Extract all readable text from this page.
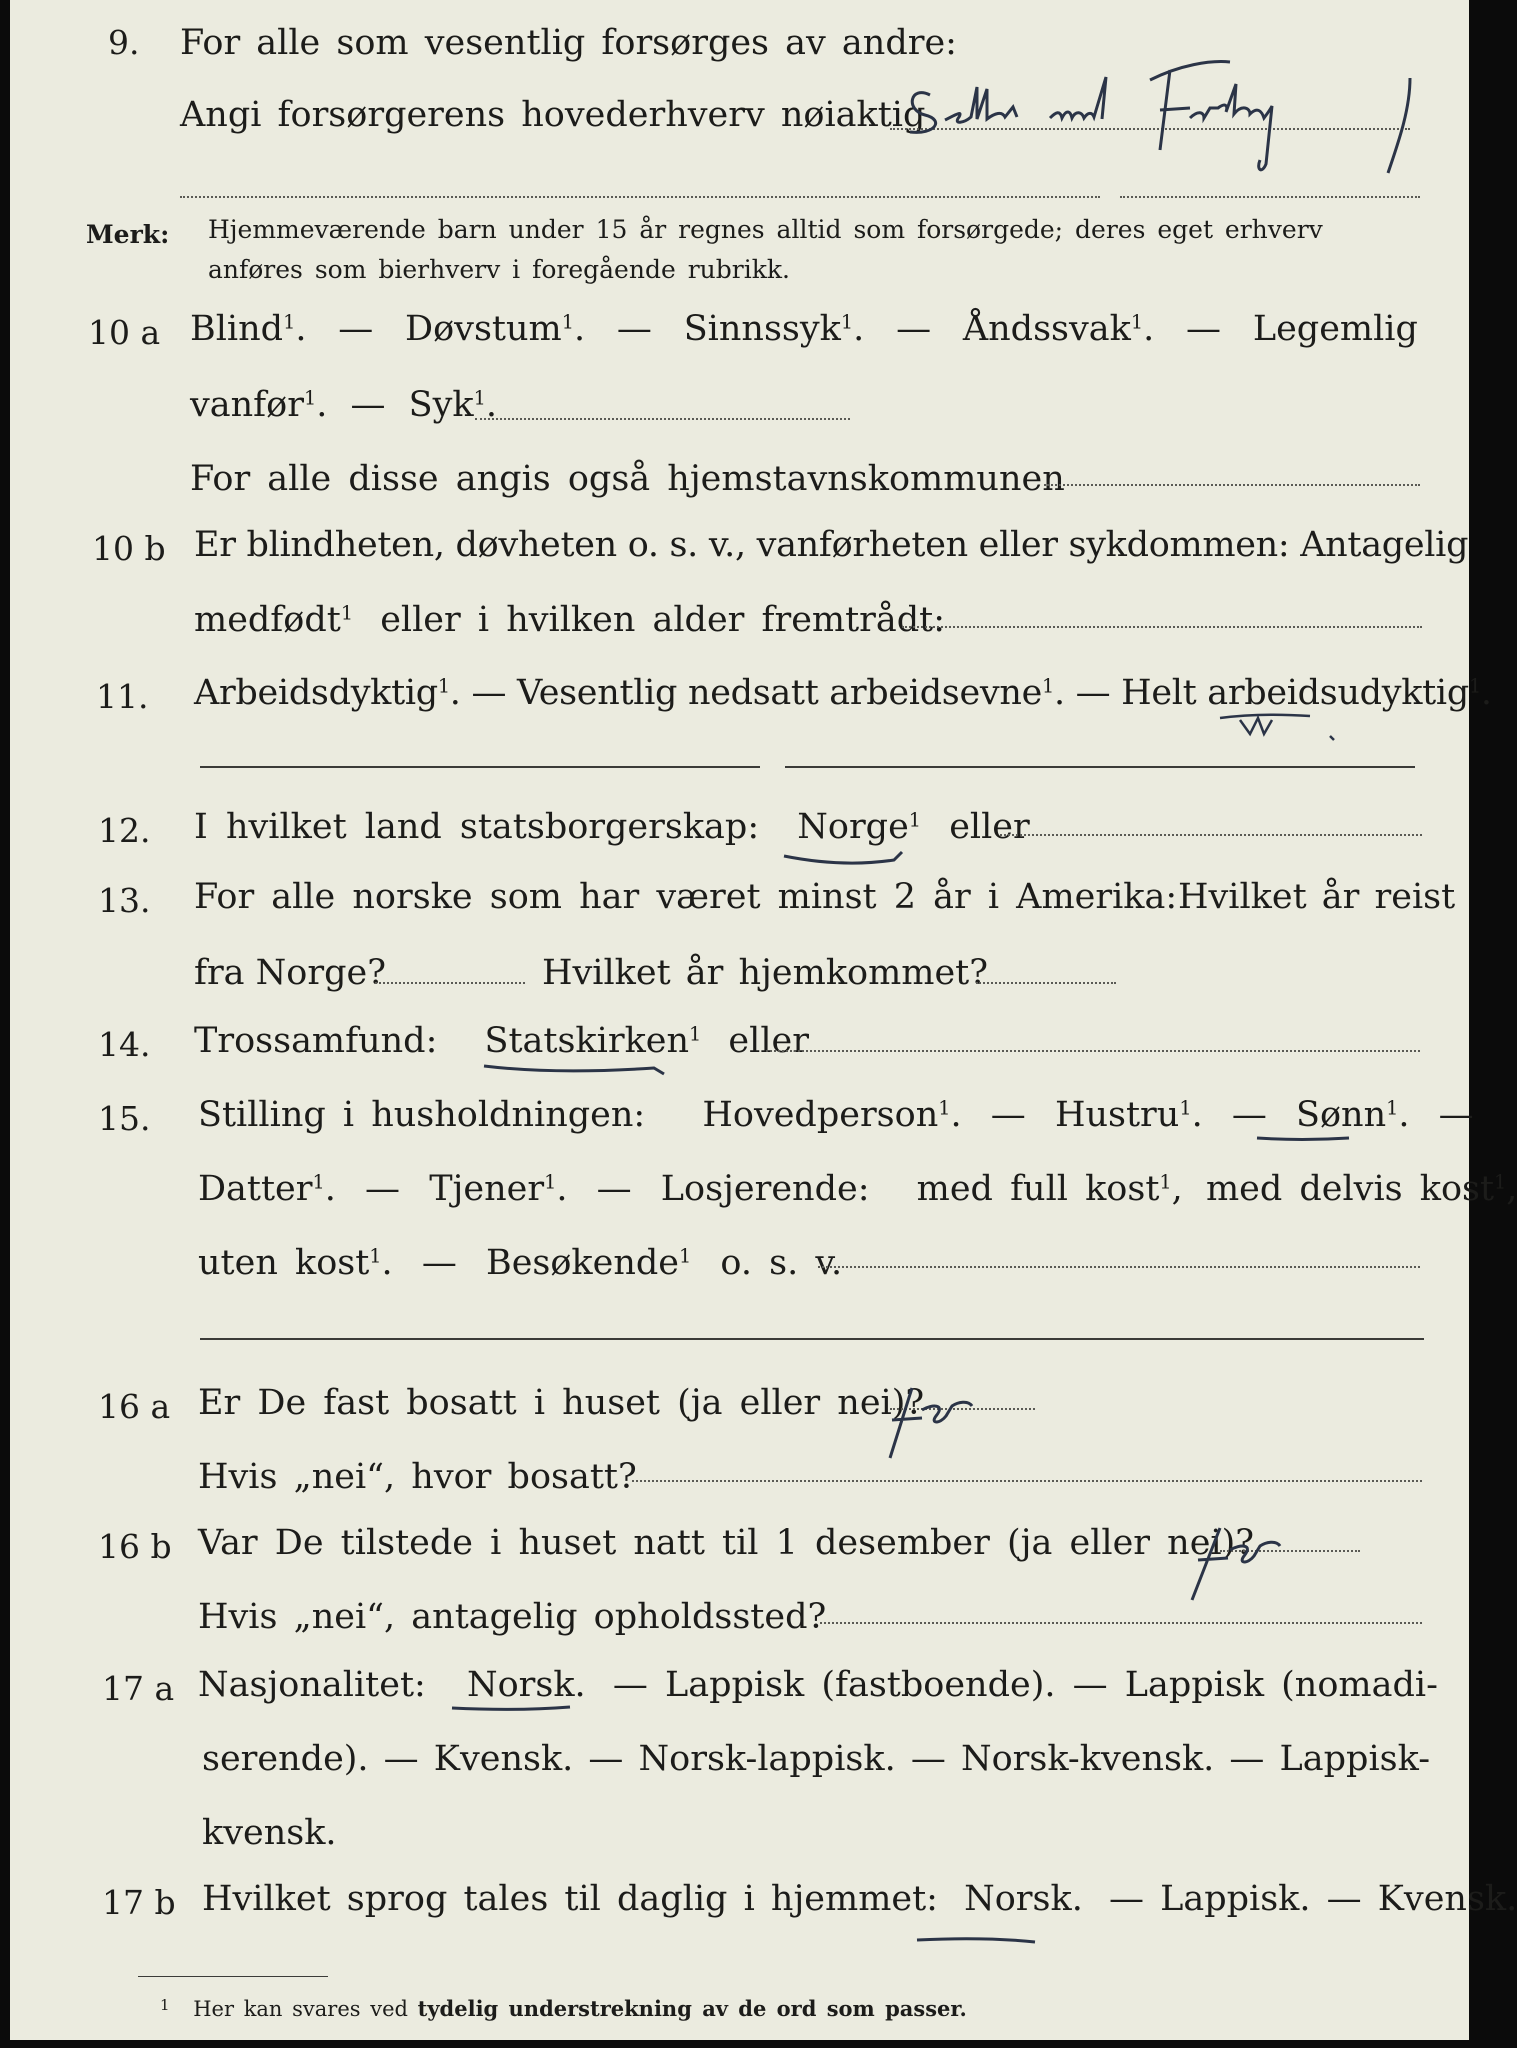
9. For alle som vesentlig forsørges av andre:
Angi forsørgerens hovederhverv nøiaktig
Merk: Hjemmeværende barn under 15 år regnes alltid som forsørgede; deres eget erhverv
anføres som bierhverv i foregående rubrikk.
10 a Blind$^1$. — Døvstum$^1$. — Sinnssyk$^1$. — Åndssvak$^1$. — Legemlig
vanfør$^1$. — Syk$^1$.
For alle disse angis også hjemstavnskommunen
10 b Er blindheten, døvheten o. s. v., vanførheten eller sykdommen: Antagelig
medfødt$^1$ eller i hvilken alder fremtrådt:
11. Arbeidsdyktig$^1$. — Vesentlig nedsatt arbeidsevne$^1$. — Helt arbeidsudyktig$^1$.
12. I hvilket land statsborgerskap: Norge$^1$ eller
13. For alle norske som har været minst 2 år i Amerika: Hvilket år reist
fra Norge?	Hvilket år hjemkommet?
14. Trossamfund: Statskirken$^1$ eller
15. Stilling i husholdningen: Hovedperson$^1$. — Hustru$^1$. — Sønn$^1$. —
Datter$^1$. — Tjener$^1$. — Losjerende: med full kost$^1$, med delvis kost$^1$,
uten kost$^1$. — Besøkende$^1$ o. s. v.
16 a Er De fast bosatt i huset (ja eller nei)?
Hvis „nei“, hvor bosatt?
16 b Var De tilstede i huset natt til 1 desember (ja eller nei)?
Hvis „nei“, antagelig opholdssted?
17 a Nasjonalitet: Norsk. — Lappisk (fastboende). — Lappisk (nomadi-
serende). — Kvensk. — Norsk-lappisk. — Norsk-kvensk. — Lappisk-
kvensk.
17 b Hvilket sprog tales til daglig i hjemmet: Norsk. — Lappisk. — Kvensk.
$^1$ Her kan svares ved tydelig understrekning av de ord som passer.
